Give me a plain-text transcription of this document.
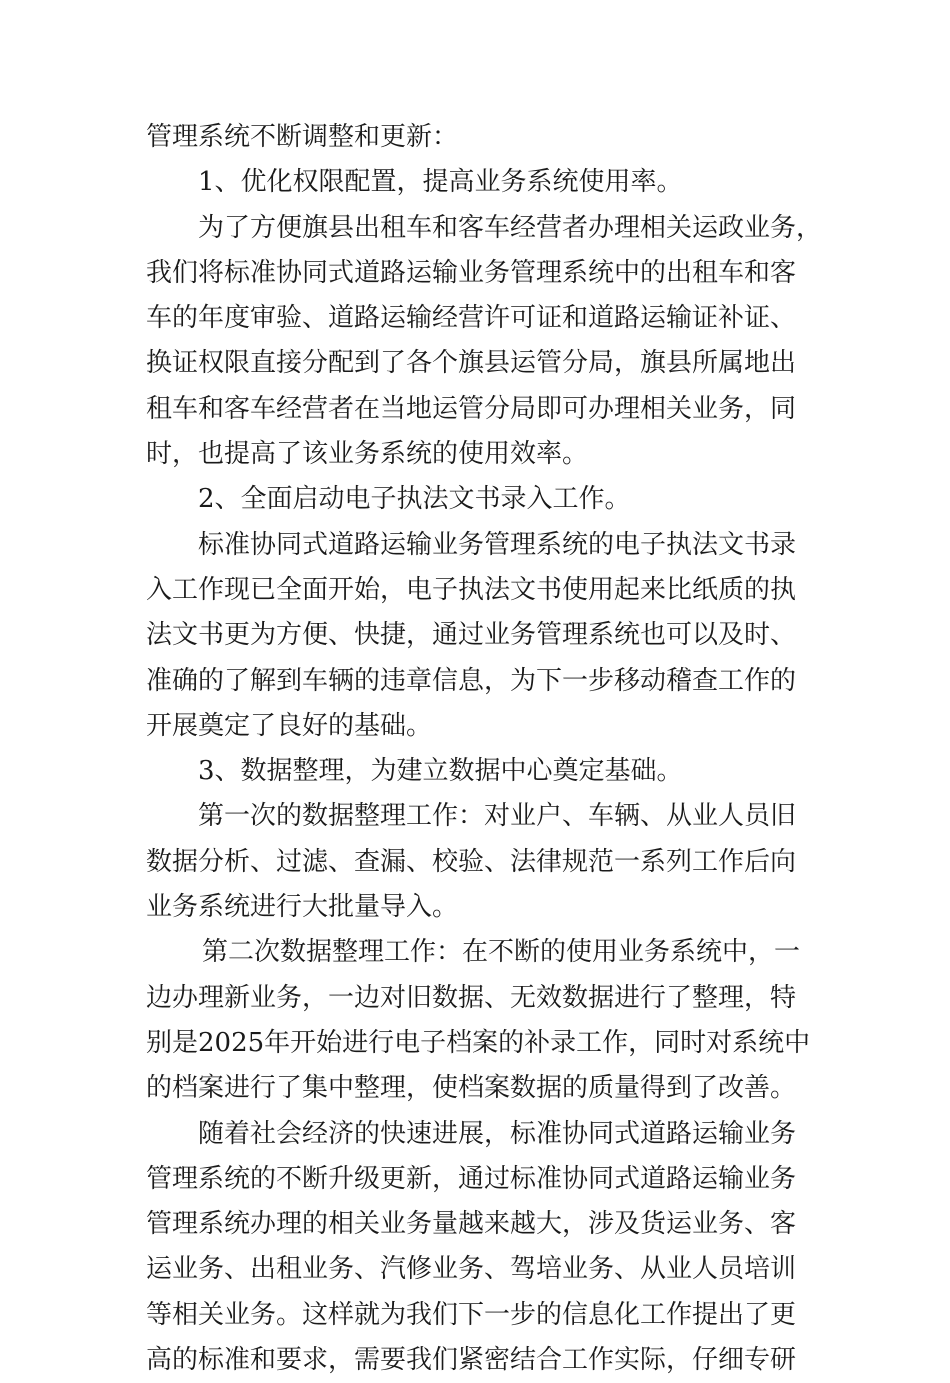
管理系统不断调整和更新：
1、优化权限配置，提高业务系统使用率。
为了方便旗县出租车和客车经营者办理相关运政业务，
我们将标准协同式道路运输业务管理系统中的出租车和客
车的年度审验、道路运输经营许可证和道路运输证补证、
换证权限直接分配到了各个旗县运管分局，旗县所属地出
租车和客车经营者在当地运管分局即可办理相关业务，同
时，也提高了该业务系统的使用效率。
2、全面启动电子执法文书录入工作。
标准协同式道路运输业务管理系统的电子执法文书录
入工作现已全面开始，电子执法文书使用起来比纸质的执
法文书更为方便、快捷，通过业务管理系统也可以及时、
准确的了解到车辆的违章信息，为下一步移动稽查工作的
开展奠定了良好的基础。
3、数据整理，为建立数据中心奠定基础。
第一次的数据整理工作：对业户、车辆、从业人员旧
数据分析、过滤、查漏、校验、法律规范一系列工作后向
业务系统进行大批量导入。
第二次数据整理工作：在不断的使用业务系统中，一
边办理新业务，一边对旧数据、无效数据进行了整理，特
别是2025年开始进行电子档案的补录工作，同时对系统中
的档案进行了集中整理，使档案数据的质量得到了改善。
随着社会经济的快速进展，标准协同式道路运输业务
管理系统的不断升级更新，通过标准协同式道路运输业务
管理系统办理的相关业务量越来越大，涉及货运业务、客
运业务、出租业务、汽修业务、驾培业务、从业人员培训
等相关业务。这样就为我们下一步的信息化工作提出了更
高的标准和要求，需要我们紧密结合工作实际，仔细专研
